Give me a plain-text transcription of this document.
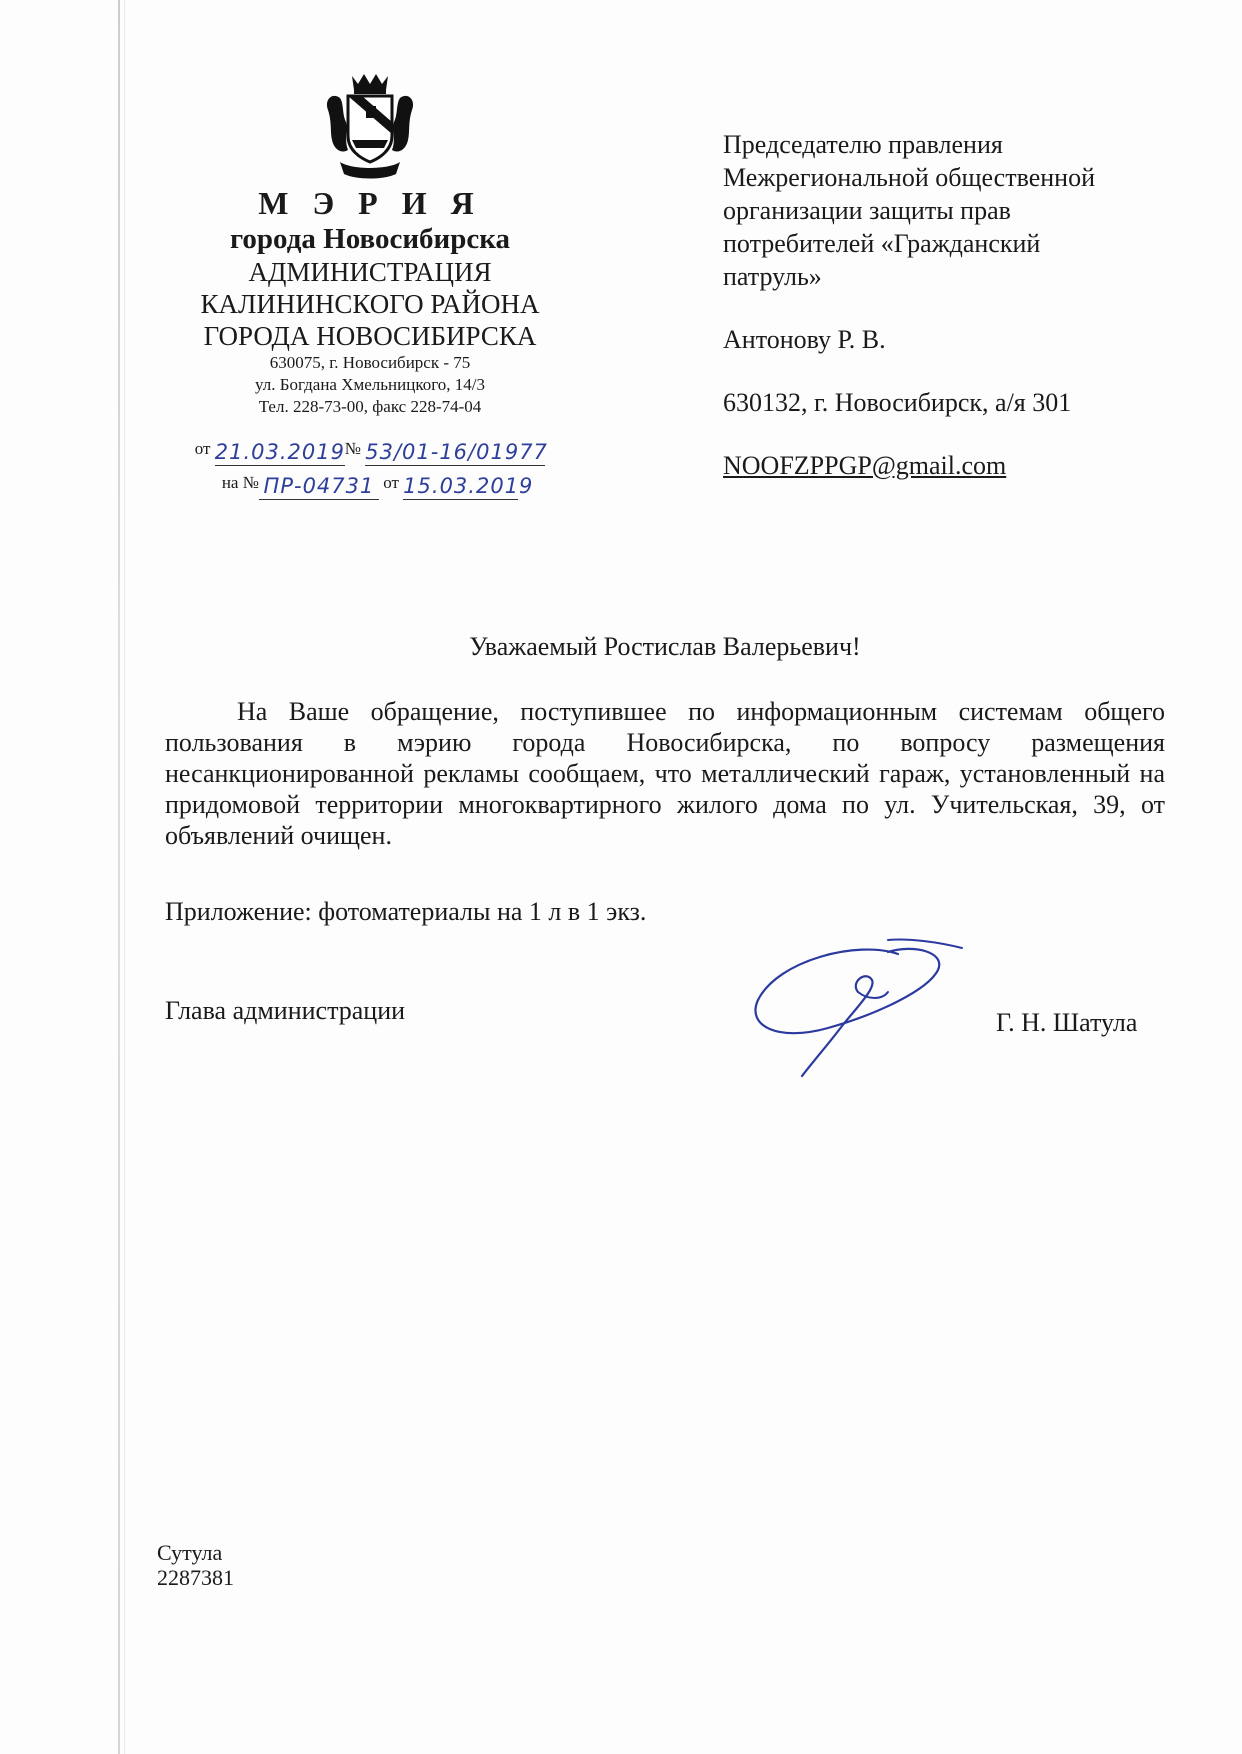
М Э Р И Я
города Новосибирска
АДМИНИСТРАЦИЯ
КАЛИНИНСКОГО РАЙОНА
ГОРОДА НОВОСИБИРСКА
630075, г. Новосибирск - 75
ул. Богдана Хмельницкого, 14/3
Тел. 228-73-00, факс 228-74-04
от 21.03.2019№ 53/01-16/01977
на № ПР-04731 от 15.03.2019
Председателю правления
Межрегиональной общественной
организации защиты прав
потребителей «Гражданский
патруль»
Антонову Р. В.
630132, г. Новосибирск, а/я 301
NOOFZPPGP@gmail.com
Уважаемый Ростислав Валерьевич!
На Ваше обращение, поступившее по информационным системам общего пользования в мэрию города Новосибирска, по вопросу размещения несанкционированной рекламы сообщаем, что металлический гараж, установленный на придомовой территории многоквартирного жилого дома по ул. Учительская, 39, от объявлений очищен.
Приложение: фотоматериалы на 1 л в 1 экз.
Глава администрации	Г. Н. Шатула
Сутула
2287381
